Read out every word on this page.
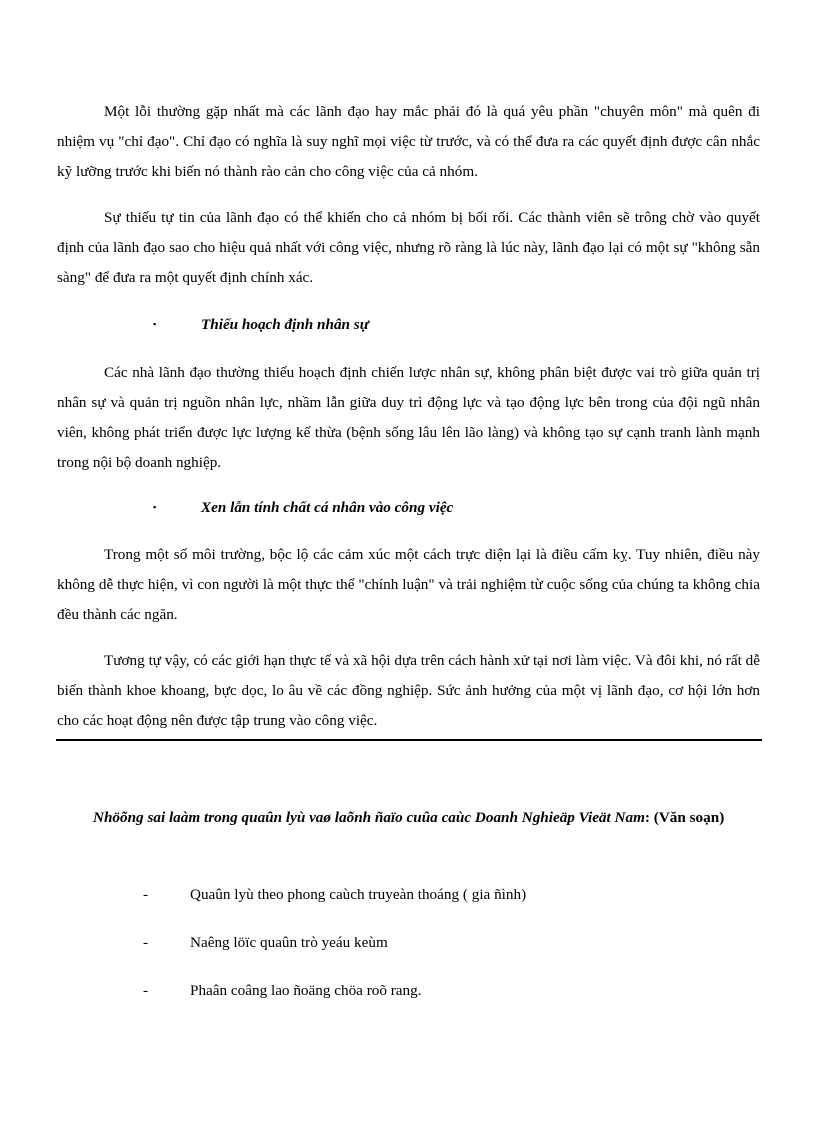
Một lỗi thường gặp nhất mà các lãnh đạo hay mắc phải đó là quá yêu phần "chuyên môn" mà quên đi nhiệm vụ "chỉ đạo". Chỉ đạo có nghĩa là suy nghĩ mọi việc từ trước, và có thể đưa ra các quyết định được cân nhắc kỹ lưỡng trước khi biến nó thành rào cản cho công việc của cả nhóm.

Sự thiếu tự tin của lãnh đạo có thể khiến cho cả nhóm bị bối rối. Các thành viên sẽ trông chờ vào quyết định của lãnh đạo sao cho hiệu quả nhất với công việc, nhưng rõ ràng là lúc này, lãnh đạo lại có một sự "không sẵn sàng" để đưa ra một quyết định chính xác.

▪	Thiếu hoạch định nhân sự

Các nhà lãnh đạo thường thiếu hoạch định chiến lược nhân sự, không phân biệt được vai trò giữa quản trị nhân sự và quản trị nguồn nhân lực, nhầm lẫn giữa duy trì động lực và tạo động lực bên trong của đội ngũ nhân viên, không phát triển được lực lượng kế thừa (bệnh sống lâu lên lão làng) và không tạo sự cạnh tranh lành mạnh trong nội bộ doanh nghiệp.

▪	Xen lẫn tính chất cá nhân vào công việc

Trong một số môi trường, bộc lộ các cảm xúc một cách trực diện lại là điều cấm kỵ. Tuy nhiên, điều này không dễ thực hiện, vì con người là một thực thể "chính luận" và trải nghiệm từ cuộc sống của chúng ta không chia đều thành các ngăn.

Tương tự vậy, có các giới hạn thực tế và xã hội dựa trên cách hành xử tại nơi làm việc. Và đôi khi, nó rất dễ biến thành khoe khoang, bực dọc, lo âu về các đồng nghiệp. Sức ảnh hưởng của một vị lãnh đạo, cơ hội lớn hơn cho các hoạt động nên được tập trung vào công việc.

Nhöõng sai laàm trong quaûn lyù vaø laõnh ñaïo cuûa caùc Doanh Nghieäp Vieät Nam: (Văn soạn)

-	Quaûn lyù theo phong caùch truyeàn thoáng ( gia ñình)

-	Naêng löïc quaûn trò yeáu keùm

-	Phaân coâng lao ñoäng chöa roõ rang.
